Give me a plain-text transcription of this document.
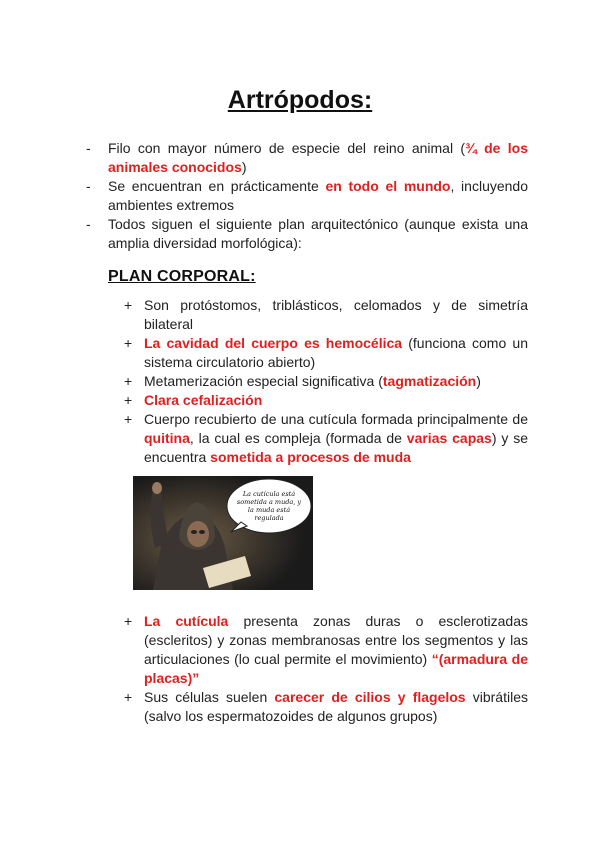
Artrópodos:
- Filo con mayor número de especie del reino animal (¾ de los animales conocidos)
- Se encuentran en prácticamente en todo el mundo, incluyendo ambientes extremos
- Todos siguen el siguiente plan arquitectónico (aunque exista una amplia diversidad morfológica):
PLAN CORPORAL:
+ Son protóstomos, triblásticos, celomados y de simetría bilateral
+ La cavidad del cuerpo es hemocélica (funciona como un sistema circulatorio abierto)
+ Metamerización especial significativa (tagmatización)
+ Clara cefalización
+ Cuerpo recubierto de una cutícula formada principalmente de quitina, la cual es compleja (formada de varias capas) y se encuentra sometida a procesos de muda
La cutícula está
sometida a muda, y
la muda está
regulada
+ La cutícula presenta zonas duras o esclerotizadas (escleritos) y zonas membranosas entre los segmentos y las articulaciones (lo cual permite el movimiento) “(armadura de placas)”
+ Sus células suelen carecer de cilios y flagelos vibrátiles (salvo los espermatozoides de algunos grupos)
